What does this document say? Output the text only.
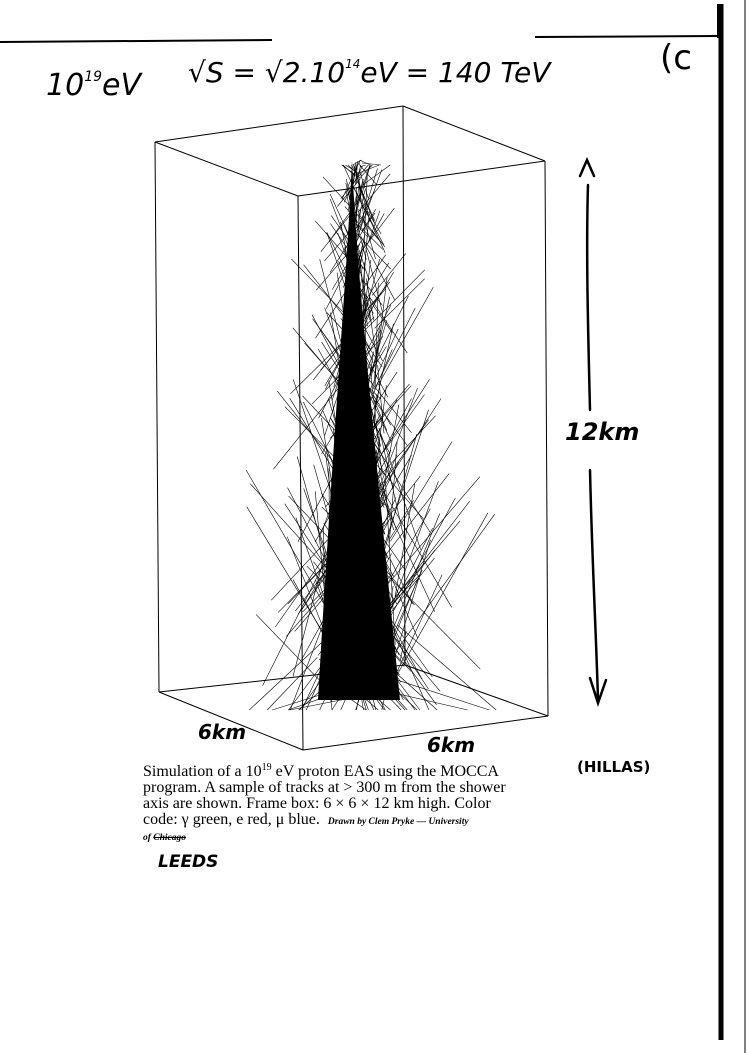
$10^{19}eV$ $√S = √2.10^{14}eV = 140$ TeV	(c
12km
6km
6km
Simulation of a $10^{19}$ eV proton EAS using the MOCCA
program. A sample of tracks at > 300 m from the shower
axis are shown. Frame box: 6 × 6 × 12 km high. Color
code: γ green, e red, μ blue. Drawn by Clem Pryke — University
of Chicago
(HILLAS)
LEEDS
